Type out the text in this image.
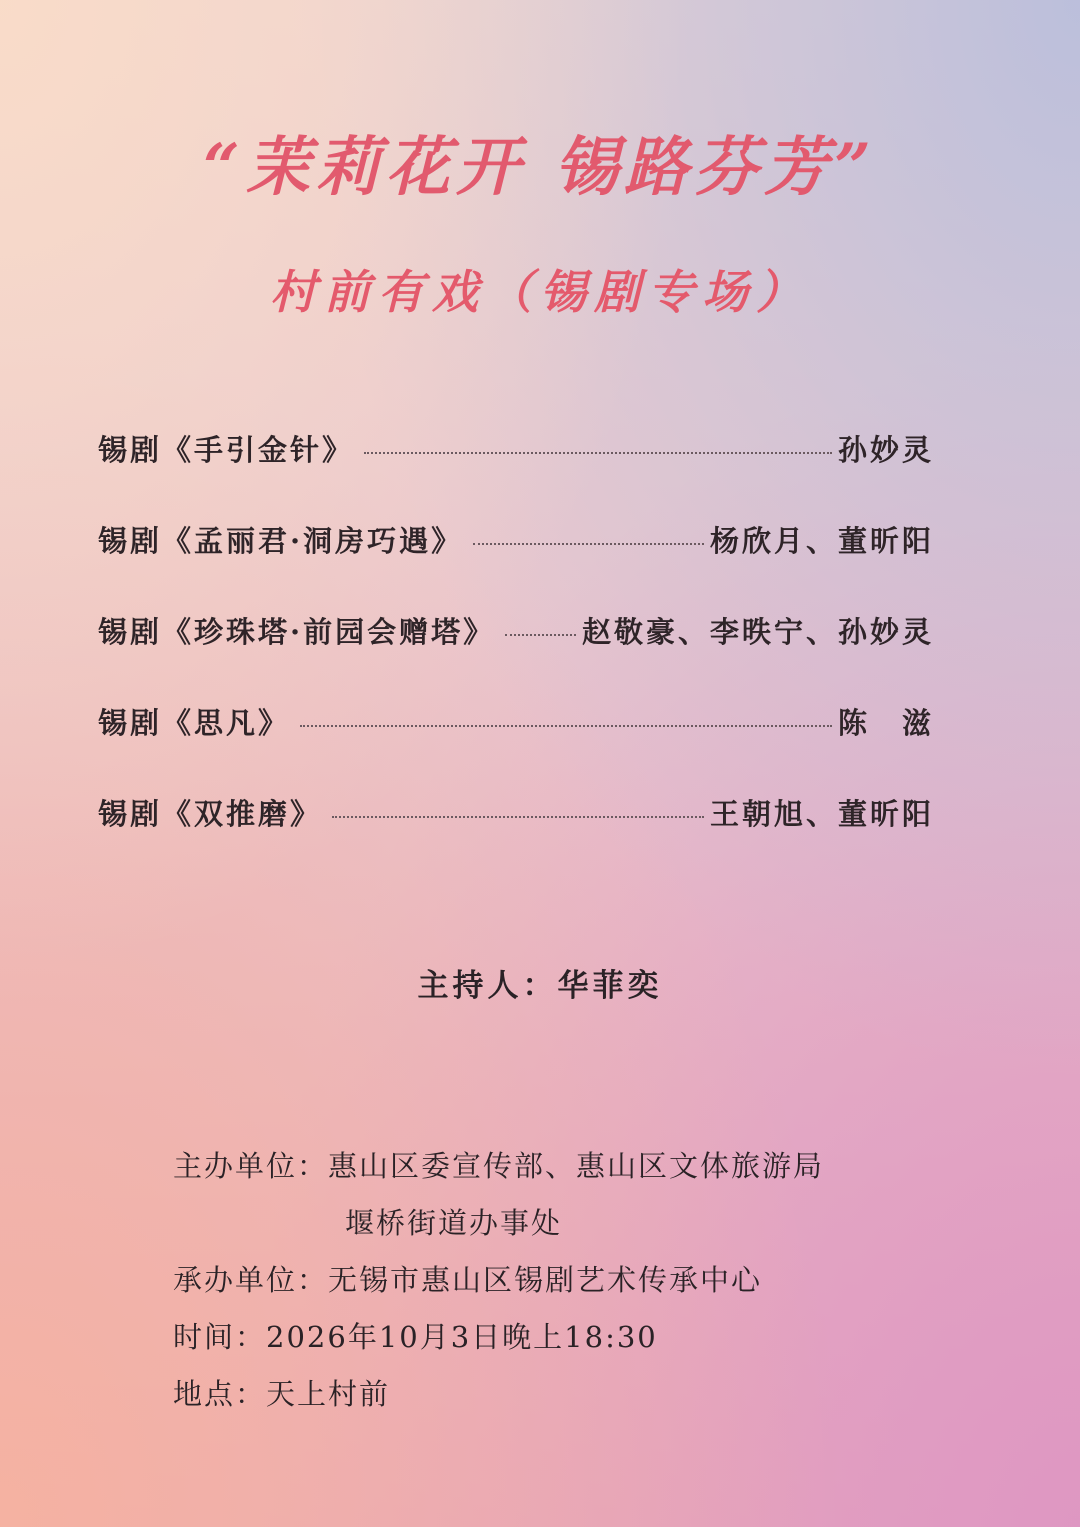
“茉莉花开 锡路芬芳”
村前有戏（锡剧专场）
锡剧《手引金针》	孙妙灵
锡剧《孟丽君·洞房巧遇》	杨欣月、董昕阳
锡剧《珍珠塔·前园会赠塔》	赵敬豪、李昳宁、孙妙灵
锡剧《思凡》	陈　滋
锡剧《双推磨》	王朝旭、董昕阳
主持人：华菲奕
主办单位：惠山区委宣传部、惠山区文体旅游局
堰桥街道办事处
承办单位：无锡市惠山区锡剧艺术传承中心
时间：2026年10月3日晚上18:30
地点：天上村前
